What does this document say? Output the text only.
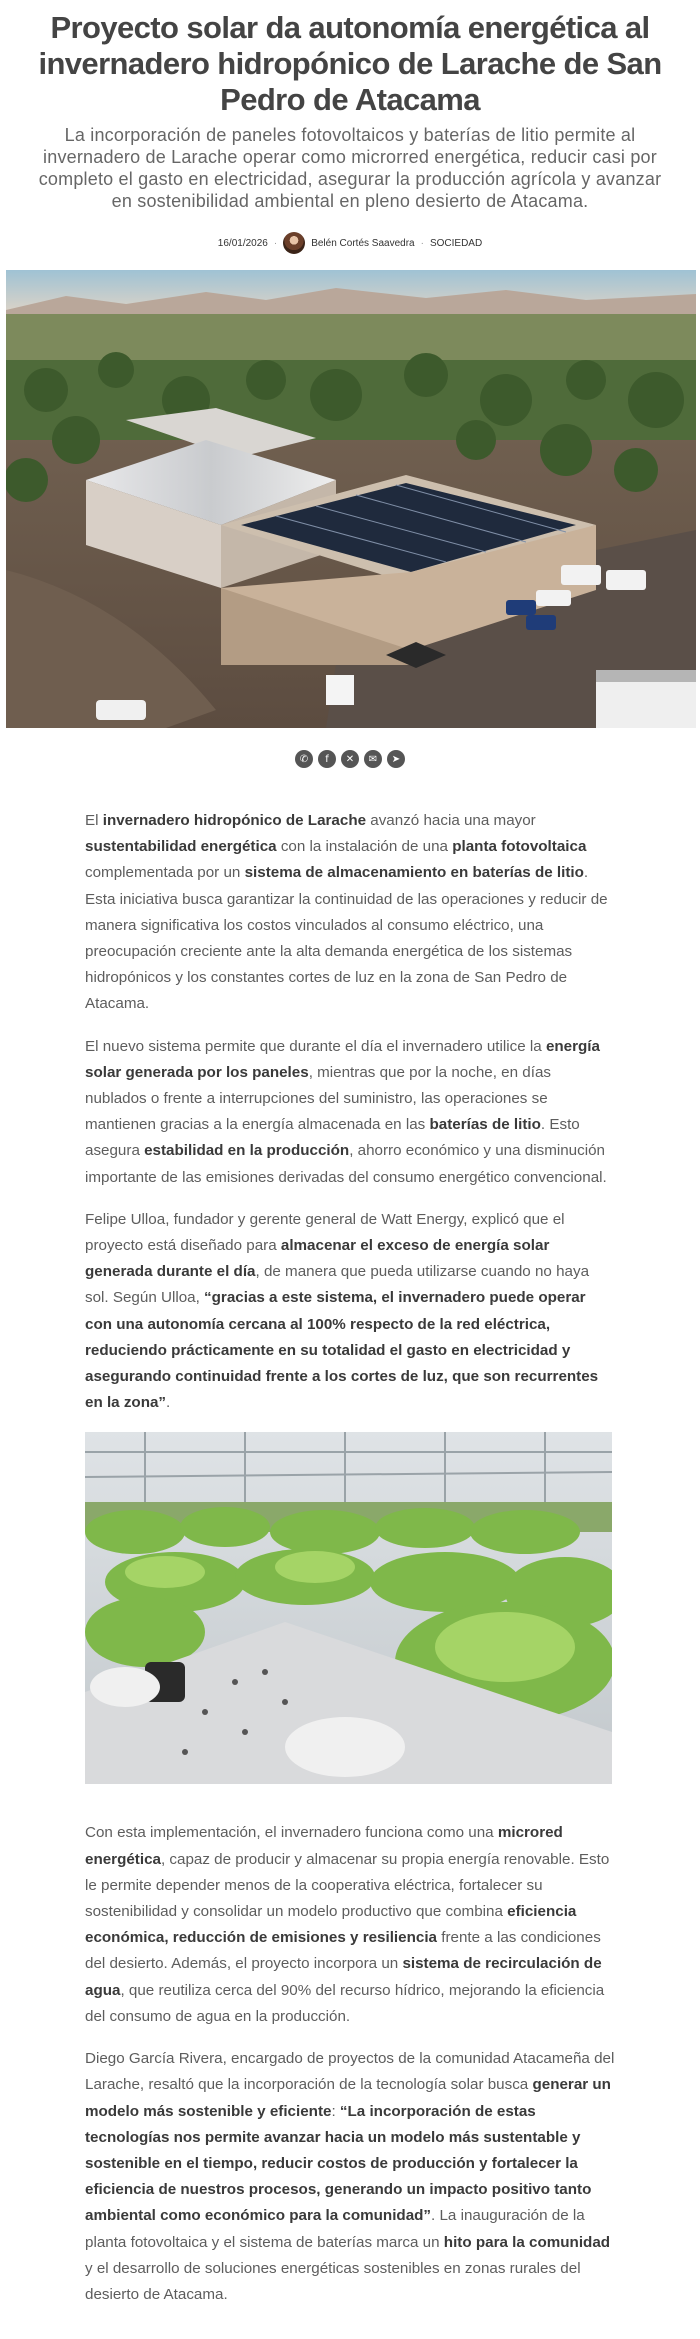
Proyecto solar da autonomía energética al invernadero hidropónico de Larache de San Pedro de Atacama

La incorporación de paneles fotovoltaicos y baterías de litio permite al invernadero de Larache operar como microrred energética, reducir casi por completo el gasto en electricidad, asegurar la producción agrícola y avanzar en sostenibilidad ambiental en pleno desierto de Atacama.

16/01/2026 ·	Belén Cortés Saavedra · SOCIEDAD
✆	f	✕	✉	➤

El invernadero hidropónico de Larache avanzó hacia una mayor sustentabilidad energética con la instalación de una planta fotovoltaica complementada por un sistema de almacenamiento en baterías de litio. Esta iniciativa busca garantizar la continuidad de las operaciones y reducir de manera significativa los costos vinculados al consumo eléctrico, una preocupación creciente ante la alta demanda energética de los sistemas hidropónicos y los constantes cortes de luz en la zona de San Pedro de Atacama.

El nuevo sistema permite que durante el día el invernadero utilice la energía solar generada por los paneles, mientras que por la noche, en días nublados o frente a interrupciones del suministro, las operaciones se mantienen gracias a la energía almacenada en las baterías de litio. Esto asegura estabilidad en la producción, ahorro económico y una disminución importante de las emisiones derivadas del consumo energético convencional.

Felipe Ulloa, fundador y gerente general de Watt Energy, explicó que el proyecto está diseñado para almacenar el exceso de energía solar generada durante el día, de manera que pueda utilizarse cuando no haya sol. Según Ulloa, “gracias a este sistema, el invernadero puede operar con una autonomía cercana al 100% respecto de la red eléctrica, reduciendo prácticamente en su totalidad el gasto en electricidad y asegurando continuidad frente a los cortes de luz, que son recurrentes en la zona”.

Con esta implementación, el invernadero funciona como una microred energética, capaz de producir y almacenar su propia energía renovable. Esto le permite depender menos de la cooperativa eléctrica, fortalecer su sostenibilidad y consolidar un modelo productivo que combina eficiencia económica, reducción de emisiones y resiliencia frente a las condiciones del desierto. Además, el proyecto incorpora un sistema de recirculación de agua, que reutiliza cerca del 90% del recurso hídrico, mejorando la eficiencia del consumo de agua en la producción.

Diego García Rivera, encargado de proyectos de la comunidad Atacameña del Larache, resaltó que la incorporación de la tecnología solar busca generar un modelo más sostenible y eficiente: “La incorporación de estas tecnologías nos permite avanzar hacia un modelo más sustentable y sostenible en el tiempo, reducir costos de producción y fortalecer la eficiencia de nuestros procesos, generando un impacto positivo tanto ambiental como económico para la comunidad”. La inauguración de la planta fotovoltaica y el sistema de baterías marca un hito para la comunidad y el desarrollo de soluciones energéticas sostenibles en zonas rurales del desierto de Atacama.
